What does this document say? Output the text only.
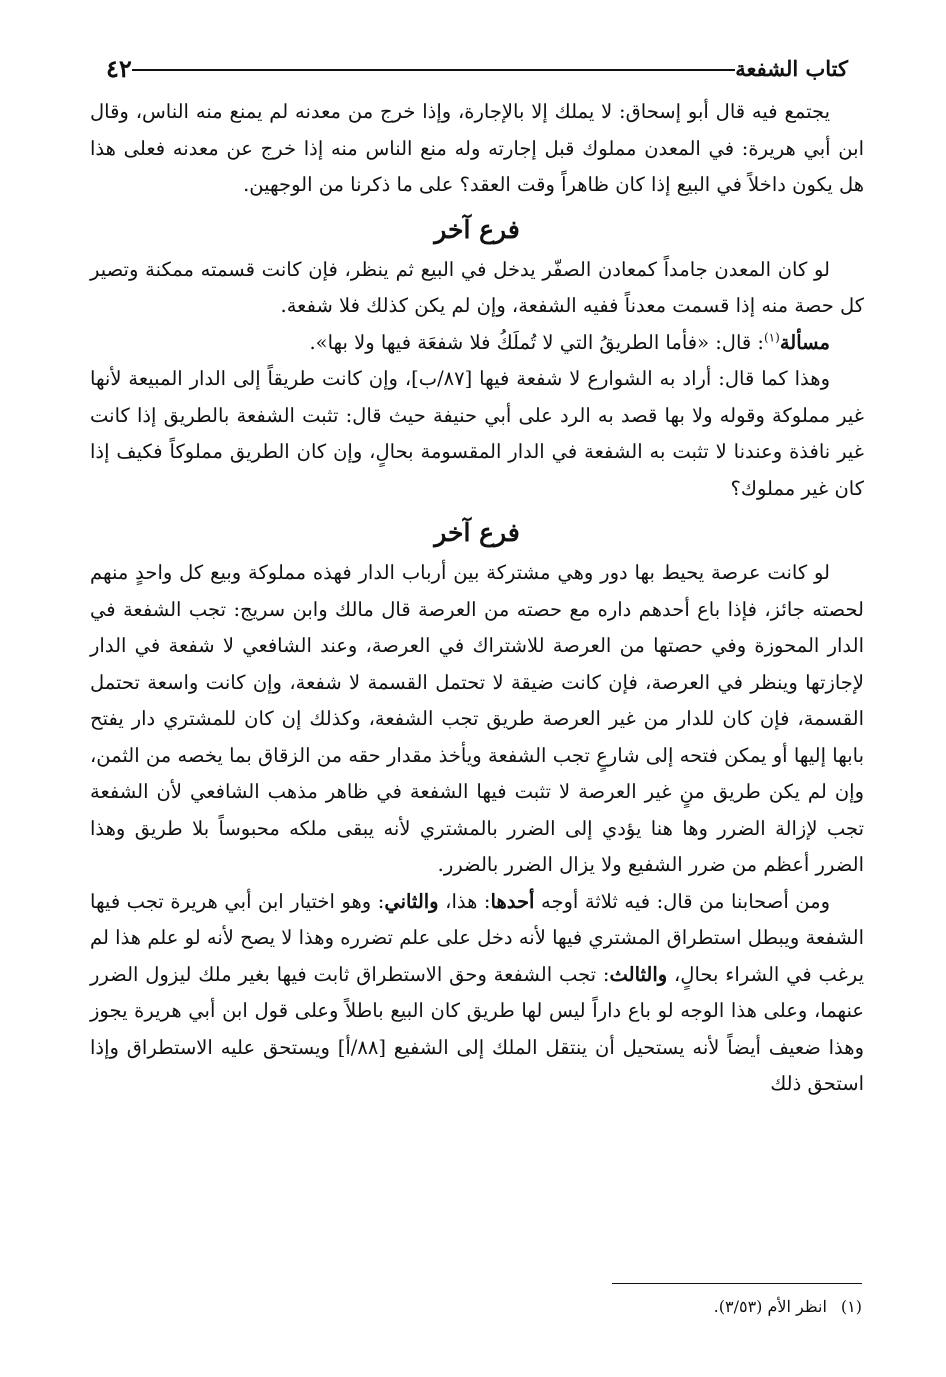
كتاب الشفعة
٤٢

يجتمع فيه قال أبو إسحاق: لا يملك إلا بالإجارة، وإذا خرج من معدنه لم يمنع منه الناس، وقال ابن أبي هريرة: في المعدن مملوك قبل إجارته وله منع الناس منه إذا خرج عن معدنه فعلى هذا هل يكون داخلاً في البيع إذا كان ظاهراً وقت العقد؟ على ما ذكرنا من الوجهين.

فرع آخر

لو كان المعدن جامداً كمعادن الصفّر يدخل في البيع ثم ينظر، فإن كانت قسمته ممكنة وتصير كل حصة منه إذا قسمت معدناً ففيه الشفعة، وإن لم يكن كذلك فلا شفعة.

مسألة$^{(١)}$: قال: «فأما الطريقُ التي لا تُملَكُ فلا شفعَة فيها ولا بها».

وهذا كما قال: أراد به الشوارع لا شفعة فيها [٨٧/ب]، وإن كانت طريقاً إلى الدار المبيعة لأنها غير مملوكة وقوله ولا بها قصد به الرد على أبي حنيفة حيث قال: تثبت الشفعة بالطريق إذا كانت غير نافذة وعندنا لا تثبت به الشفعة في الدار المقسومة بحالٍ، وإن كان الطريق مملوكاً فكيف إذا كان غير مملوك؟

فرع آخر

لو كانت عرصة يحيط بها دور وهي مشتركة بين أرباب الدار فهذه مملوكة وبيع كل واحدٍ منهم لحصته جائز، فإذا باع أحدهم داره مع حصته من العرصة قال مالك وابن سريج: تجب الشفعة في الدار المحوزة وفي حصتها من العرصة للاشتراك في العرصة، وعند الشافعي لا شفعة في الدار لإجازتها وينظر في العرصة، فإن كانت ضيقة لا تحتمل القسمة لا شفعة، وإن كانت واسعة تحتمل القسمة، فإن كان للدار من غير العرصة طريق تجب الشفعة، وكذلك إن كان للمشتري دار يفتح بابها إليها أو يمكن فتحه إلى شارعٍ تجب الشفعة ويأخذ مقدار حقه من الزقاق بما يخصه من الثمن، وإن لم يكن طريق منٍ غير العرصة لا تثبت فيها الشفعة في ظاهر مذهب الشافعي لأن الشفعة تجب لإزالة الضرر وها هنا يؤدي إلى الضرر بالمشتري لأنه يبقى ملكه محبوساً بلا طريق وهذا الضرر أعظم من ضرر الشفيع ولا يزال الضرر بالضرر.

ومن أصحابنا من قال: فيه ثلاثة أوجه أحدها: هذا، والثاني: وهو اختيار ابن أبي هريرة تجب فيها الشفعة ويبطل استطراق المشتري فيها لأنه دخل على علم تضرره وهذا لا يصح لأنه لو علم هذا لم يرغب في الشراء بحالٍ، والثالث: تجب الشفعة وحق الاستطراق ثابت فيها بغير ملك ليزول الضرر عنهما، وعلى هذا الوجه لو باع داراً ليس لها طريق كان البيع باطلاً وعلى قول ابن أبي هريرة يجوز وهذا ضعيف أيضاً لأنه يستحيل أن ينتقل الملك إلى الشفيع [٨٨/أ] ويستحق عليه الاستطراق وإذا استحق ذلك

(١)انظر الأم (٣/٥٣).
